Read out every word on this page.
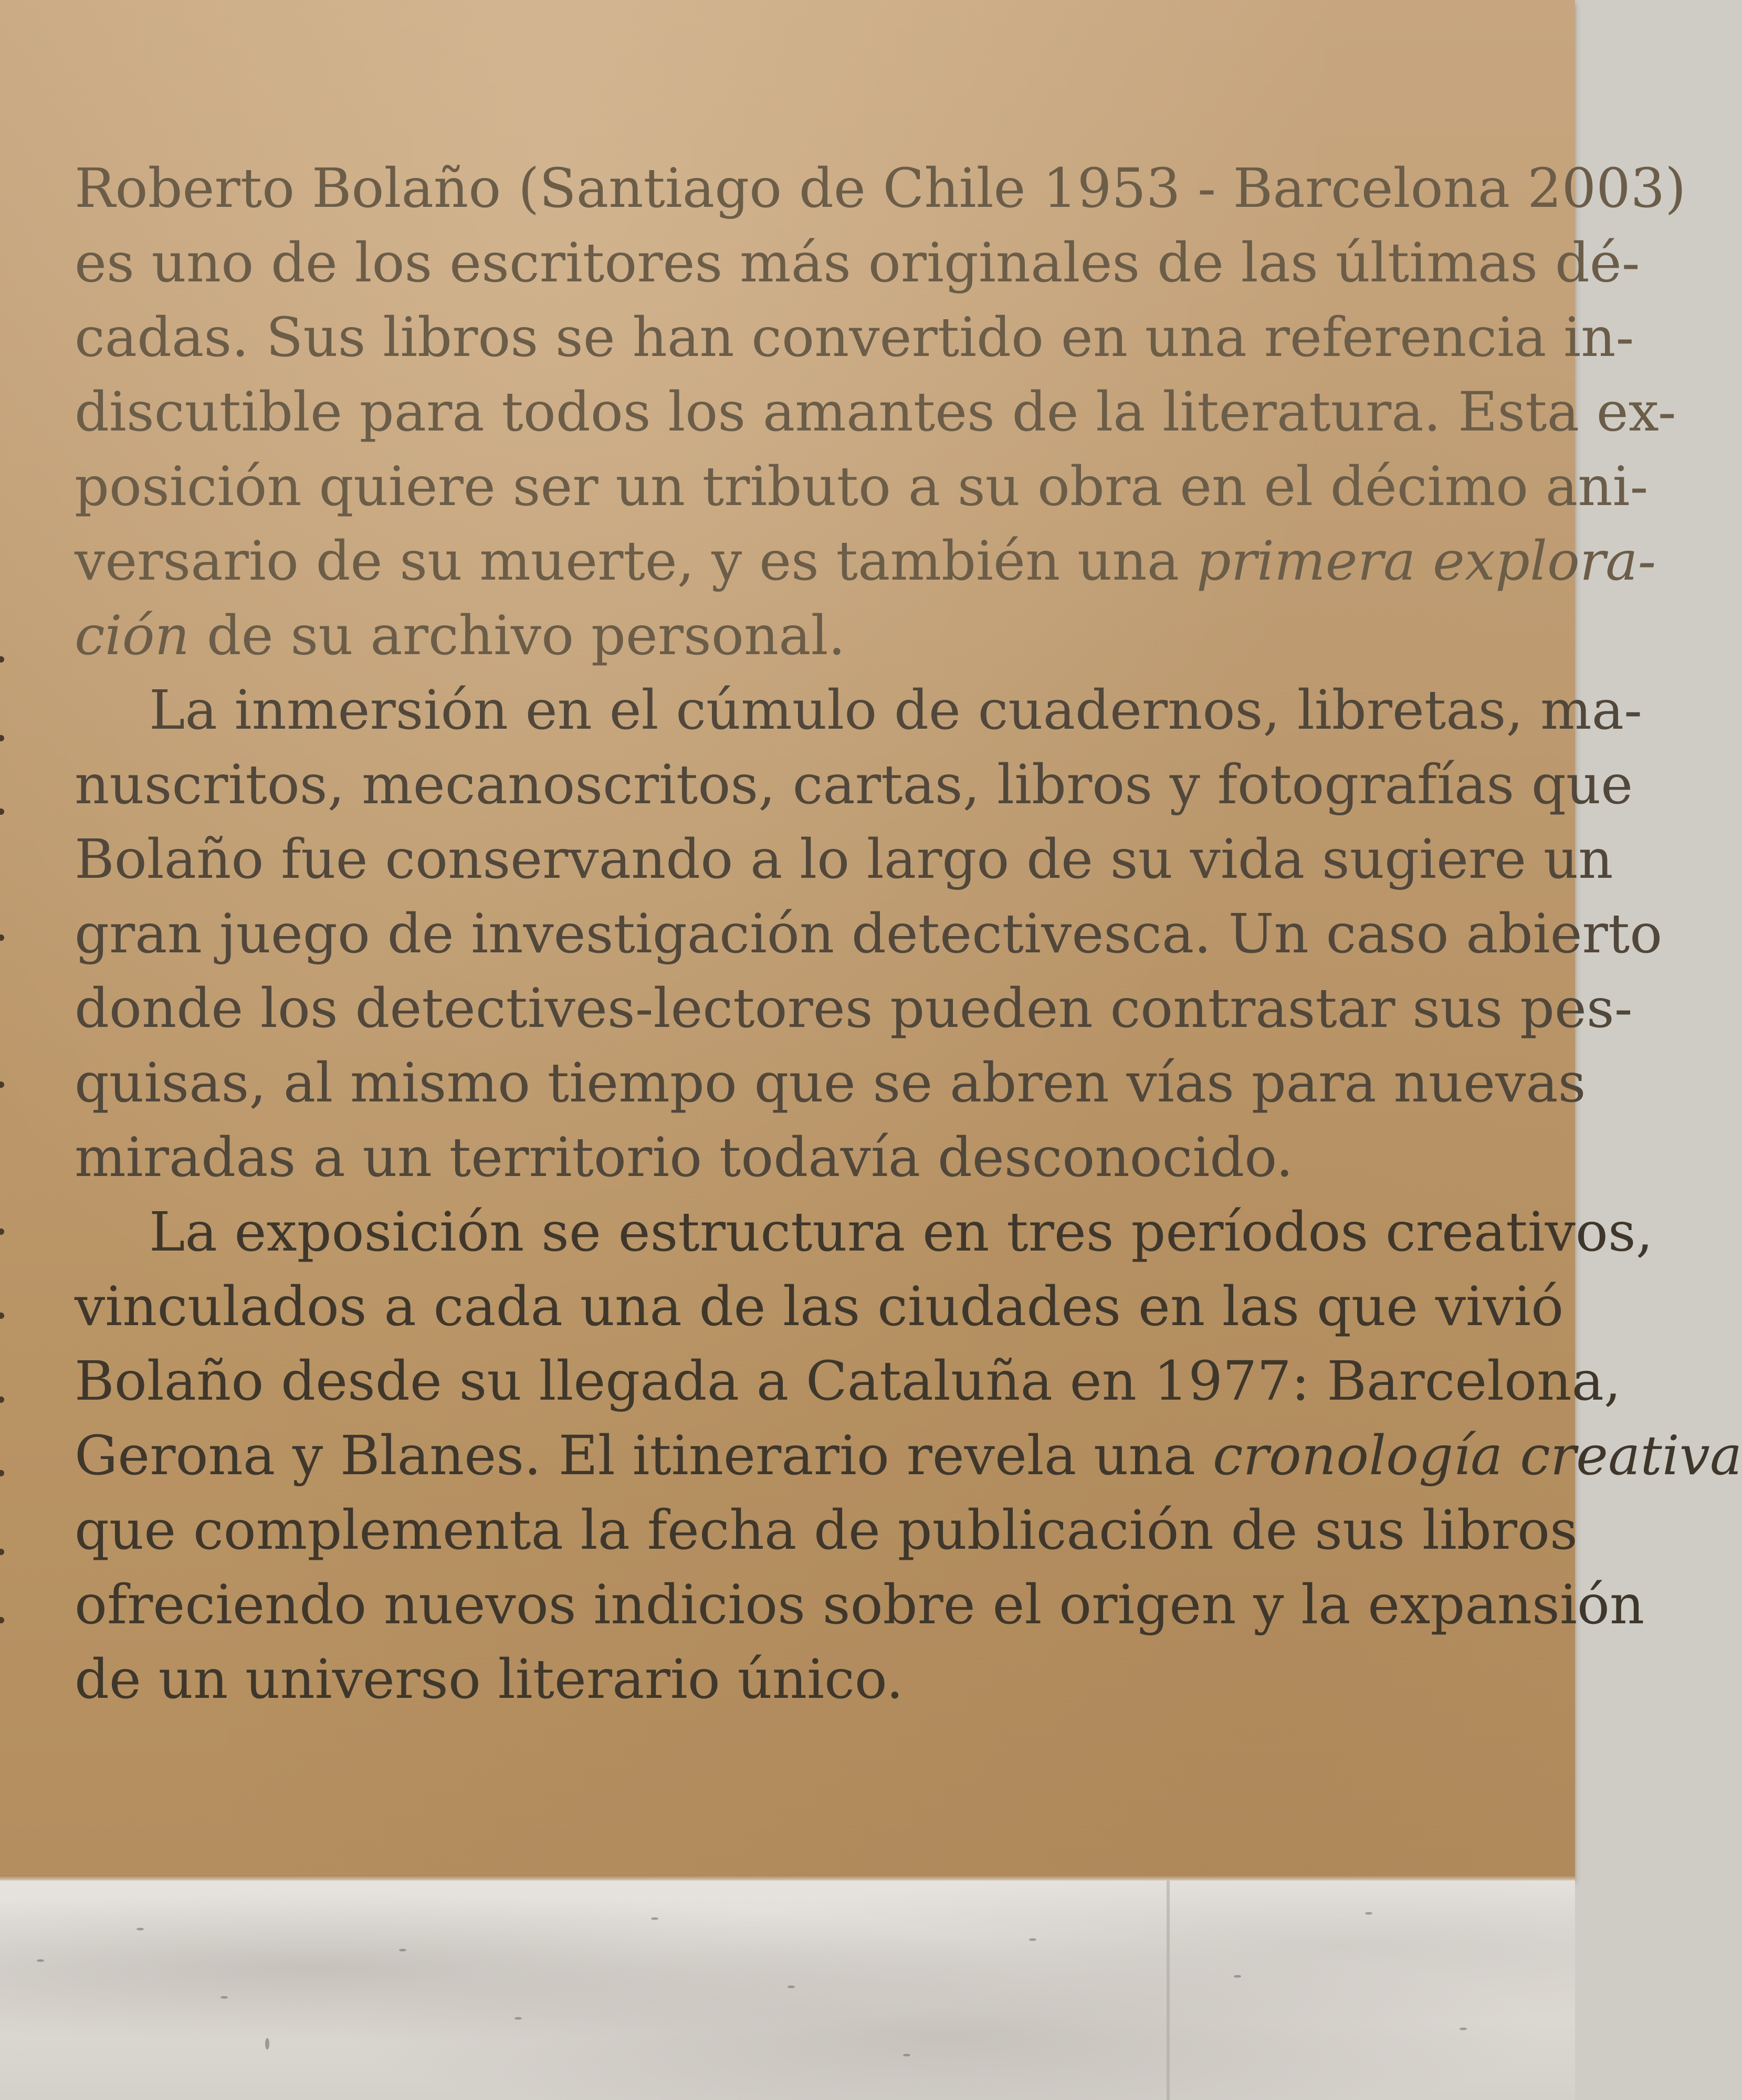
Roberto Bolaño (Santiago de Chile 1953 - Barcelona 2003)
es uno de los escritores más originales de las últimas dé-
cadas. Sus libros se han convertido en una referencia in-
discutible para todos los amantes de la literatura. Esta ex-
posición quiere ser un tributo a su obra en el décimo ani-
versario de su muerte, y es también una primera explora-
ción de su archivo personal.

La inmersión en el cúmulo de cuadernos, libretas, ma-
nuscritos, mecanoscritos, cartas, libros y fotografías que
Bolaño fue conservando a lo largo de su vida sugiere un
gran juego de investigación detectivesca. Un caso abierto
donde los detectives-lectores pueden contrastar sus pes-
quisas, al mismo tiempo que se abren vías para nuevas
miradas a un territorio todavía desconocido.

La exposición se estructura en tres períodos creativos,
vinculados a cada una de las ciudades en las que vivió
Bolaño desde su llegada a Cataluña en 1977: Barcelona,
Gerona y Blanes. El itinerario revela una cronología creativa
que complementa la fecha de publicación de sus libros
ofreciendo nuevos indicios sobre el origen y la expansión
de un universo literario único.
